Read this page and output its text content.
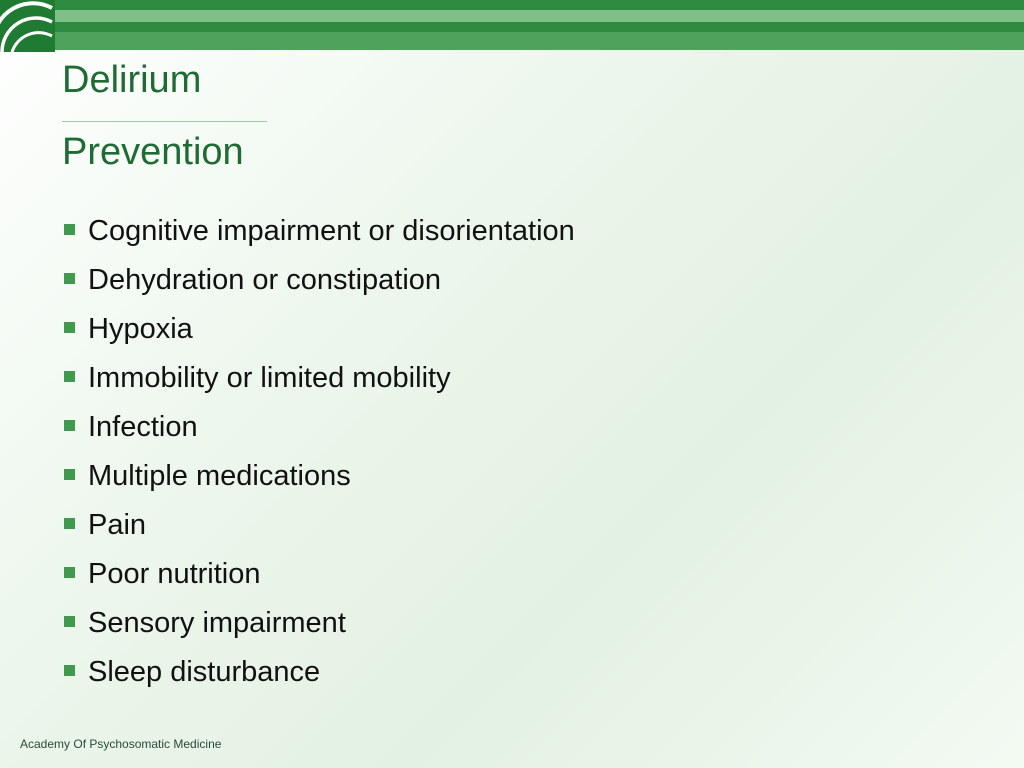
Delirium
Prevention
Cognitive impairment or disorientation
Dehydration or constipation
Hypoxia
Immobility or limited mobility
Infection
Multiple medications
Pain
Poor nutrition
Sensory impairment
Sleep disturbance
Academy Of Psychosomatic Medicine
